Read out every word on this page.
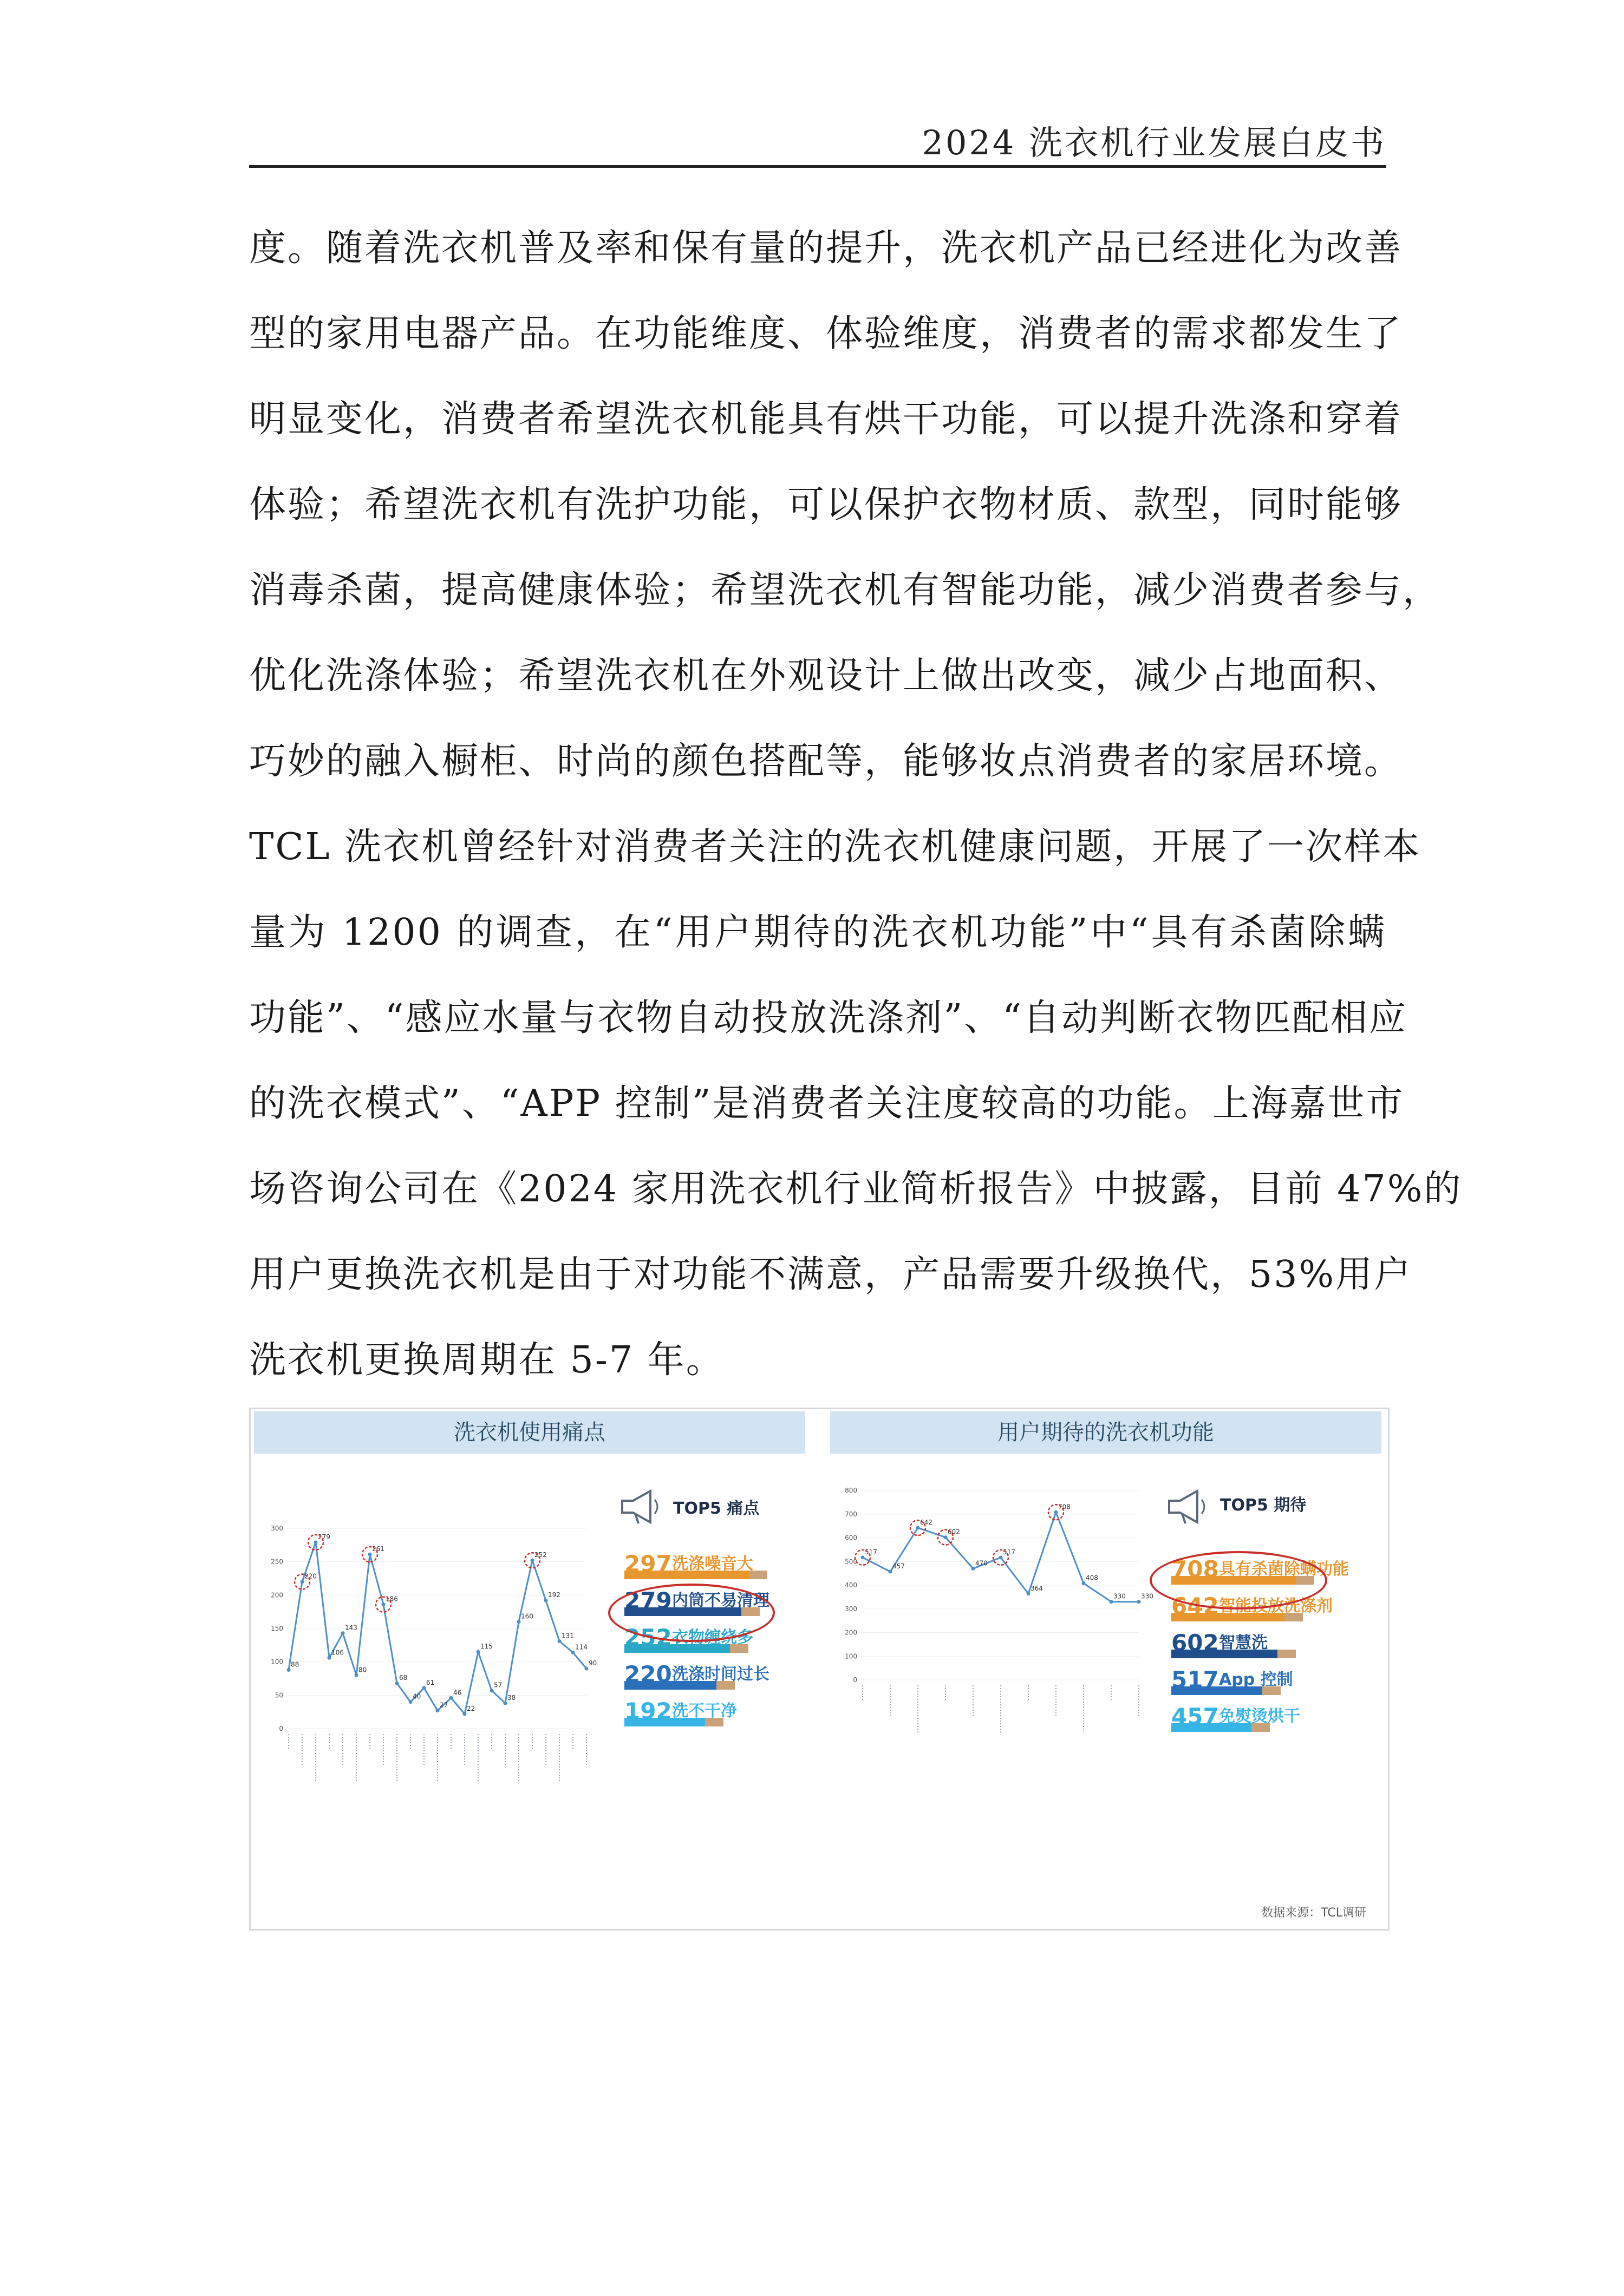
2024 洗衣机行业发展白皮书
度。随着洗衣机普及率和保有量的提升，洗衣机产品已经进化为改善
型的家用电器产品。在功能维度、体验维度，消费者的需求都发生了
明显变化，消费者希望洗衣机能具有烘干功能，可以提升洗涤和穿着
体验；希望洗衣机有洗护功能，可以保护衣物材质、款型，同时能够
消毒杀菌，提高健康体验；希望洗衣机有智能功能，减少消费者参与，
优化洗涤体验；希望洗衣机在外观设计上做出改变，减少占地面积、
巧妙的融入橱柜、时尚的颜色搭配等，能够妆点消费者的家居环境。
TCL 洗衣机曾经针对消费者关注的洗衣机健康问题，开展了一次样本
量为 1200 的调查，在“用户期待的洗衣机功能”中“具有杀菌除螨
功能”、“感应水量与衣物自动投放洗涤剂”、“自动判断衣物匹配相应
的洗衣模式”、“APP 控制”是消费者关注度较高的功能。上海嘉世市
场咨询公司在《2024 家用洗衣机行业简析报告》中披露，目前 47%的
用户更换洗衣机是由于对功能不满意，产品需要升级换代，53%用户
洗衣机更换周期在 5-7 年。
洗衣机使用痛点	用户期待的洗衣机功能
0
50
100
150
200
250
300
88
220
279
106
143
80
261
186
68
40
61
27
46
22
115
57
38
160
252
192
131
114
90
TOP5 痛点
297 洗涤噪音大
279 内筒不易清理
252 衣物缠绕多
220 洗涤时间过长
192 洗不干净
0
100
200
300
400
500
600
700
800
517
457
642
602
470
517
364
708
408
330 330
TOP5 期待
708 具有杀菌除螨功能
642 智能投放洗涤剂
602 智慧洗
517 App 控制
457 免熨烫烘干
数据来源：TCL调研
